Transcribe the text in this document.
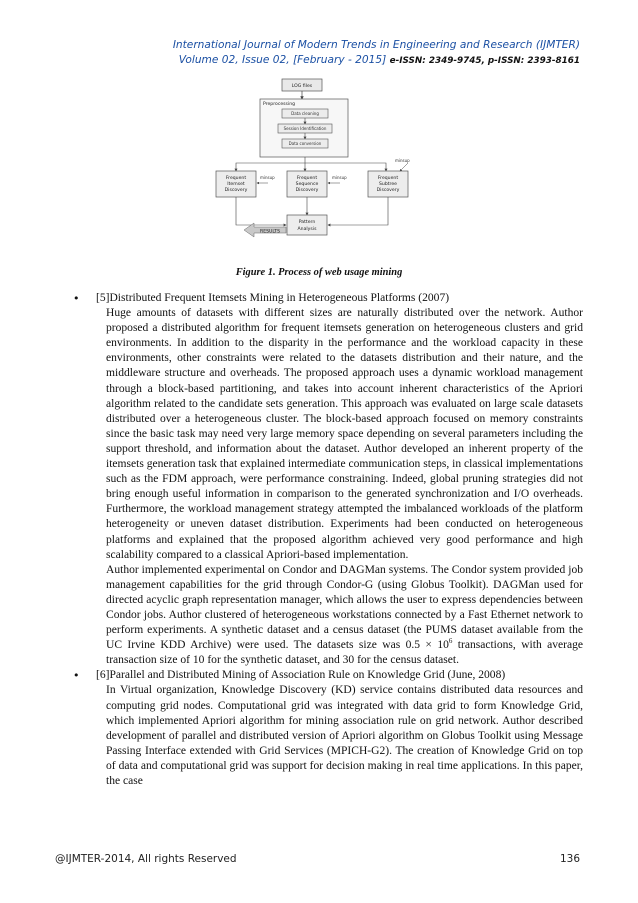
International Journal of Modern Trends in Engineering and Research (IJMTER)
Volume 02, Issue 02, [February - 2015] e-ISSN: 2349-9745, p-ISSN: 2393-8161
LOG files
Preprocessing
Data cleaning
Session Identification
Data conversion
Frequent
Itemset
Discovery
minsup	Frequent
Sequence
Discovery
minsup	Frequent
Subtree
Discovery
minsup
Pattern
Analysis
RESULTS
Figure 1. Process of web usage mining
• [5]Distributed Frequent Itemsets Mining in Heterogeneous Platforms (2007)

Huge amounts of datasets with different sizes are naturally distributed over the network. Author proposed a distributed algorithm for frequent itemsets generation on heterogeneous clusters and grid environments. In addition to the disparity in the performance and the workload capacity in these environments, other constraints were related to the datasets distribution and their nature, and the middleware structure and overheads. The proposed approach uses a dynamic workload management through a block-based partitioning, and takes into account inherent characteristics of the Apriori algorithm related to the candidate sets generation. This approach was evaluated on large scale datasets distributed over a heterogeneous cluster. The block-based approach focused on memory constraints since the basic task may need very large memory space depending on several parameters including the support threshold, and information about the dataset. Author developed an inherent property of the itemsets generation task that explained intermediate communication steps, in classical implementations such as the FDM approach, were performance constraining. Indeed, global pruning strategies did not bring enough useful information in comparison to the generated synchronization and I/O overheads. Furthermore, the workload management strategy attempted the imbalanced workloads of the platform heterogeneity or uneven dataset distribution. Experiments had been conducted on heterogeneous platforms and explained that the proposed algorithm achieved very good performance and high scalability compared to a classical Apriori-based implementation.

Author implemented experimental on Condor and DAGMan systems. The Condor system provided job management capabilities for the grid through Condor-G (using Globus Toolkit). DAGMan used for directed acyclic graph representation manager, which allows the user to express dependencies between Condor jobs. Author clustered of heterogeneous workstations connected by a Fast Ethernet network to perform experiments. A synthetic dataset and a census dataset (the PUMS dataset available from the UC Irvine KDD Archive) were used. The datasets size was $0.5 \times 10^6$ transactions, with average transaction size of 10 for the synthetic dataset, and 30 for the census dataset.

• [6]Parallel and Distributed Mining of Association Rule on Knowledge Grid (June, 2008)

In Virtual organization, Knowledge Discovery (KD) service contains distributed data resources and computing grid nodes. Computational grid was integrated with data grid to form Knowledge Grid, which implemented Apriori algorithm for mining association rule on grid network. Author described development of parallel and distributed version of Apriori algorithm on Globus Toolkit using Message Passing Interface extended with Grid Services (MPICH-G2). The creation of Knowledge Grid on top of data and computational grid was support for decision making in real time applications. In this paper, the case

@IJMTER-2014, All rights Reserved	136
